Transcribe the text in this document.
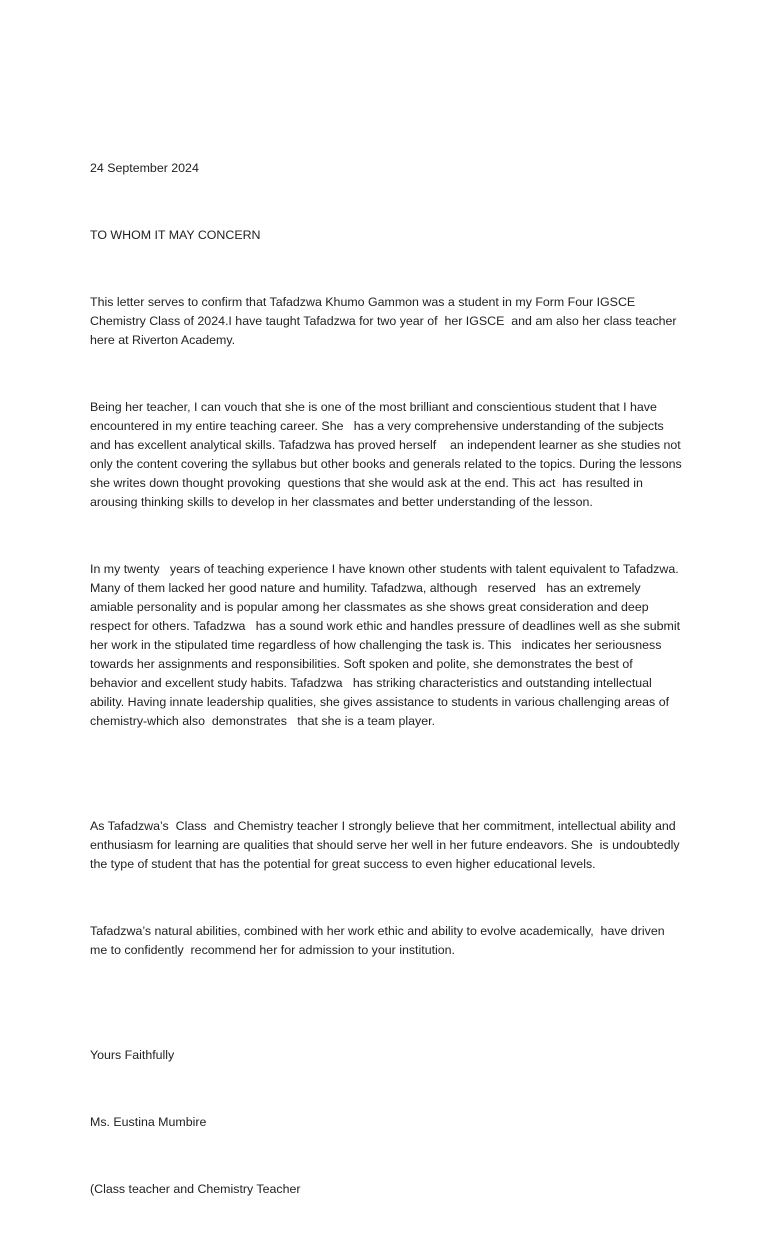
24 September 2024

TO WHOM IT MAY CONCERN

This letter serves to confirm that Tafadzwa Khumo Gammon was a student in my Form Four IGSCE Chemistry Class of 2024.I have taught Tafadzwa for two year of  her IGSCE  and am also her class teacher here at Riverton Academy.

Being her teacher, I can vouch that she is one of the most brilliant and conscientious student that I have encountered in my entire teaching career. She   has a very comprehensive understanding of the subjects and has excellent analytical skills. Tafadzwa has proved herself    an independent learner as she studies not only the content covering the syllabus but other books and generals related to the topics. During the lessons she writes down thought provoking  questions that she would ask at the end. This act  has resulted in arousing thinking skills to develop in her classmates and better understanding of the lesson.

In my twenty   years of teaching experience I have known other students with talent equivalent to Tafadzwa. Many of them lacked her good nature and humility. Tafadzwa, although   reserved   has an extremely amiable personality and is popular among her classmates as she shows great consideration and deep respect for others. Tafadzwa   has a sound work ethic and handles pressure of deadlines well as she submit her work in the stipulated time regardless of how challenging the task is. This   indicates her seriousness towards her assignments and responsibilities. Soft spoken and polite, she demonstrates the best of behavior and excellent study habits. Tafadzwa   has striking characteristics and outstanding intellectual ability. Having innate leadership qualities, she gives assistance to students in various challenging areas of chemistry-which also  demonstrates   that she is a team player.

As Tafadzwa’s  Class  and Chemistry teacher I strongly believe that her commitment, intellectual ability and enthusiasm for learning are qualities that should serve her well in her future endeavors. She  is undoubtedly the type of student that has the potential for great success to even higher educational levels.

Tafadzwa’s natural abilities, combined with her work ethic and ability to evolve academically,  have driven me to confidently  recommend her for admission to your institution.

Yours Faithfully

Ms. Eustina Mumbire

(Class teacher and Chemistry Teacher
